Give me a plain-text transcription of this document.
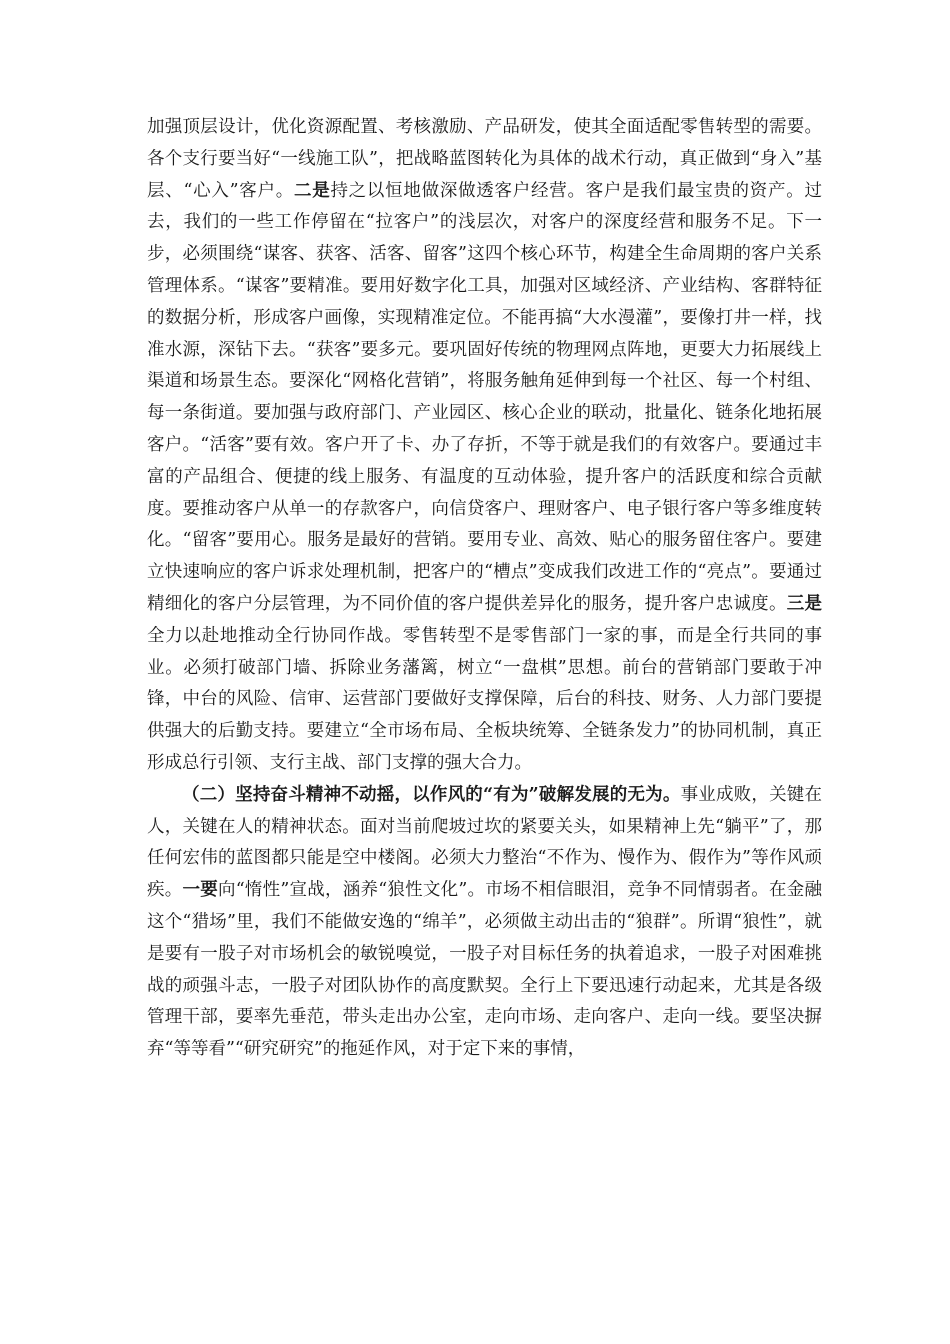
加强顶层设计，优化资源配置、考核激励、产品研发，使其全面适配零售转型的需要。各个支行要当好“一线施工队”，把战略蓝图转化为具体的战术行动，真正做到“身入”基层、“心入”客户。二是持之以恒地做深做透客户经营。客户是我们最宝贵的资产。过去，我们的一些工作停留在“拉客户”的浅层次，对客户的深度经营和服务不足。下一步，必须围绕“谋客、获客、活客、留客”这四个核心环节，构建全生命周期的客户关系管理体系。“谋客”要精准。要用好数字化工具，加强对区域经济、产业结构、客群特征的数据分析，形成客户画像，实现精准定位。不能再搞“大水漫灌”，要像打井一样，找准水源，深钻下去。“获客”要多元。要巩固好传统的物理网点阵地，更要大力拓展线上渠道和场景生态。要深化“网格化营销”，将服务触角延伸到每一个社区、每一个村组、每一条街道。要加强与政府部门、产业园区、核心企业的联动，批量化、链条化地拓展客户。“活客”要有效。客户开了卡、办了存折，不等于就是我们的有效客户。要通过丰富的产品组合、便捷的线上服务、有温度的互动体验，提升客户的活跃度和综合贡献度。要推动客户从单一的存款客户，向信贷客户、理财客户、电子银行客户等多维度转化。“留客”要用心。服务是最好的营销。要用专业、高效、贴心的服务留住客户。要建立快速响应的客户诉求处理机制，把客户的“槽点”变成我们改进工作的“亮点”。要通过精细化的客户分层管理，为不同价值的客户提供差异化的服务，提升客户忠诚度。三是全力以赴地推动全行协同作战。零售转型不是零售部门一家的事，而是全行共同的事业。必须打破部门墙、拆除业务藩篱，树立“一盘棋”思想。前台的营销部门要敢于冲锋，中台的风险、信审、运营部门要做好支撑保障，后台的科技、财务、人力部门要提供强大的后勤支持。要建立“全市场布局、全板块统筹、全链条发力”的协同机制，真正形成总行引领、支行主战、部门支撑的强大合力。

（二）坚持奋斗精神不动摇，以作风的“有为”破解发展的无为。事业成败，关键在人，关键在人的精神状态。面对当前爬坡过坎的紧要关头，如果精神上先“躺平”了，那任何宏伟的蓝图都只能是空中楼阁。必须大力整治“不作为、慢作为、假作为”等作风顽疾。一要向“惰性”宣战，涵养“狼性文化”。市场不相信眼泪，竞争不同情弱者。在金融这个“猎场”里，我们不能做安逸的“绵羊”，必须做主动出击的“狼群”。所谓“狼性”，就是要有一股子对市场机会的敏锐嗅觉，一股子对目标任务的执着追求，一股子对困难挑战的顽强斗志，一股子对团队协作的高度默契。全行上下要迅速行动起来，尤其是各级管理干部，要率先垂范，带头走出办公室，走向市场、走向客户、走向一线。要坚决摒弃“等等看”“研究研究”的拖延作风，对于定下来的事情，
